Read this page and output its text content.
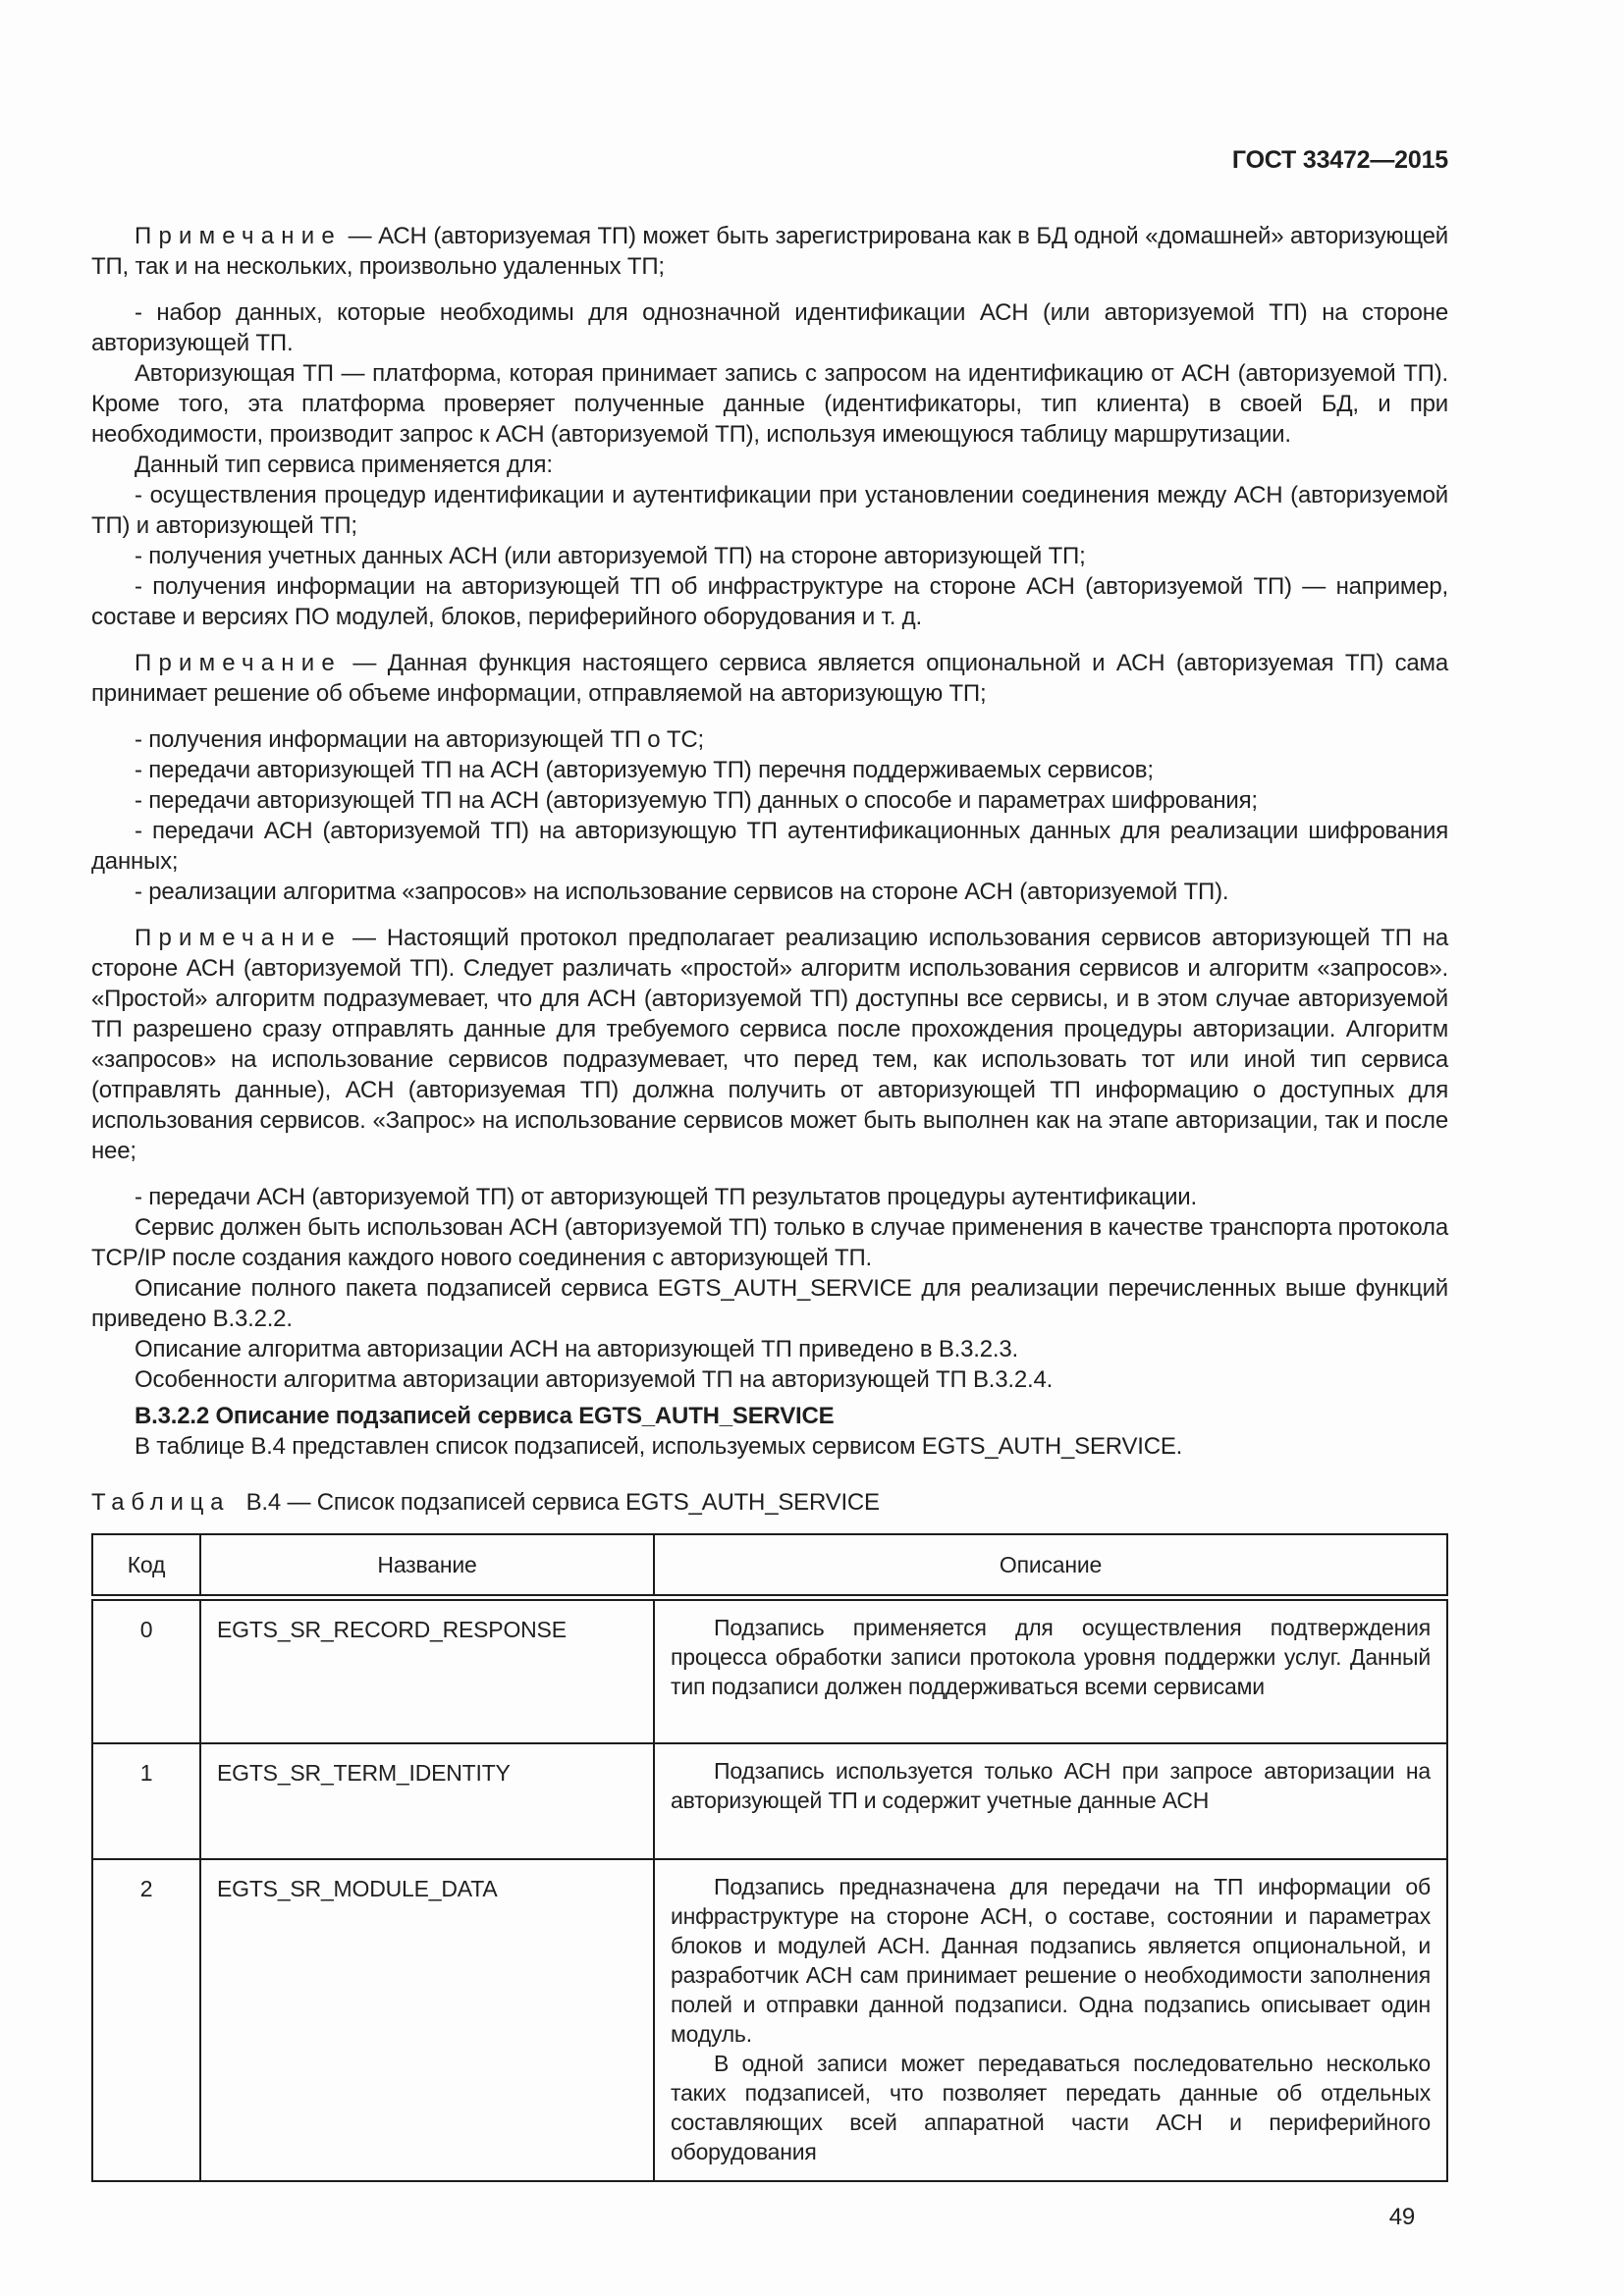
ГОСТ 33472—2015

Примечание — АСН (авторизуемая ТП) может быть зарегистрирована как в БД одной «домашней» авторизующей ТП, так и на нескольких, произвольно удаленных ТП;

- набор данных, которые необходимы для однозначной идентификации АСН (или авторизуемой ТП) на стороне авторизующей ТП.

Авторизующая ТП — платформа, которая принимает запись с запросом на идентификацию от АСН (авторизуемой ТП). Кроме того, эта платформа проверяет полученные данные (идентификаторы, тип клиента) в своей БД, и при необходимости, производит запрос к АСН (авторизуемой ТП), используя имеющуюся таблицу маршрутизации.

Данный тип сервиса применяется для:

- осуществления процедур идентификации и аутентификации при установлении соединения между АСН (авторизуемой ТП) и авторизующей ТП;

- получения учетных данных АСН (или авторизуемой ТП) на стороне авторизующей ТП;

- получения информации на авторизующей ТП об инфраструктуре на стороне АСН (авторизуемой ТП) — например, составе и версиях ПО модулей, блоков, периферийного оборудования и т. д.

Примечание — Данная функция настоящего сервиса является опциональной и АСН (авторизуемая ТП) сама принимает решение об объеме информации, отправляемой на авторизующую ТП;

- получения информации на авторизующей ТП о ТС;

- передачи авторизующей ТП на АСН (авторизуемую ТП) перечня поддерживаемых сервисов;

- передачи авторизующей ТП на АСН (авторизуемую ТП) данных о способе и параметрах шифрования;

- передачи АСН (авторизуемой ТП) на авторизующую ТП аутентификационных данных для реализации шифрования данных;

- реализации алгоритма «запросов» на использование сервисов на стороне АСН (авторизуемой ТП).

Примечание — Настоящий протокол предполагает реализацию использования сервисов авторизующей ТП на стороне АСН (авторизуемой ТП). Следует различать «простой» алгоритм использования сервисов и алгоритм «запросов». «Простой» алгоритм подразумевает, что для АСН (авторизуемой ТП) доступны все сервисы, и в этом случае авторизуемой ТП разрешено сразу отправлять данные для требуемого сервиса после прохождения процедуры авторизации. Алгоритм «запросов» на использование сервисов подразумевает, что перед тем, как использовать тот или иной тип сервиса (отправлять данные), АСН (авторизуемая ТП) должна получить от авторизующей ТП информацию о доступных для использования сервисов. «Запрос» на использование сервисов может быть выполнен как на этапе авторизации, так и после нее;

- передачи АСН (авторизуемой ТП) от авторизующей ТП результатов процедуры аутентификации.

Сервис должен быть использован АСН (авторизуемой ТП) только в случае применения в качестве транспорта протокола TCP/IP после создания каждого нового соединения с авторизующей ТП.

Описание полного пакета подзаписей сервиса EGTS_AUTH_SERVICE для реализации перечисленных выше функций приведено В.3.2.2.

Описание алгоритма авторизации АСН на авторизующей ТП приведено в В.3.2.3.

Особенности алгоритма авторизации авторизуемой ТП на авторизующей ТП В.3.2.4.

В.3.2.2 Описание подзаписей сервиса EGTS_AUTH_SERVICE

В таблице В.4 представлен список подзаписей, используемых сервисом EGTS_AUTH_SERVICE.

Таблица В.4 — Список подзаписей сервиса EGTS_AUTH_SERVICE

Код	Название	Описание
0	EGTS_SR_RECORD_RESPONSE	Подзапись применяется для осуществления подтверждения процесса обработки записи протокола уровня поддержки услуг. Данный тип подзаписи должен поддерживаться всеми сервисами

1	EGTS_SR_TERM_IDENTITY	Подзапись используется только АСН при запросе авторизации на авторизующей ТП и содержит учетные данные АСН

2	EGTS_SR_MODULE_DATA	Подзапись предназначена для передачи на ТП информации об инфраструктуре на стороне АСН, о составе, состоянии и параметрах блоков и модулей АСН. Данная подзапись является опциональной, и разработчик АСН сам принимает решение о необходимости заполнения полей и отправки данной подзаписи. Одна подзапись описывает один модуль.

В одной записи может передаваться последовательно несколько таких подзаписей, что позволяет передать данные об отдельных составляющих всей аппаратной части АСН и периферийного оборудования

49
